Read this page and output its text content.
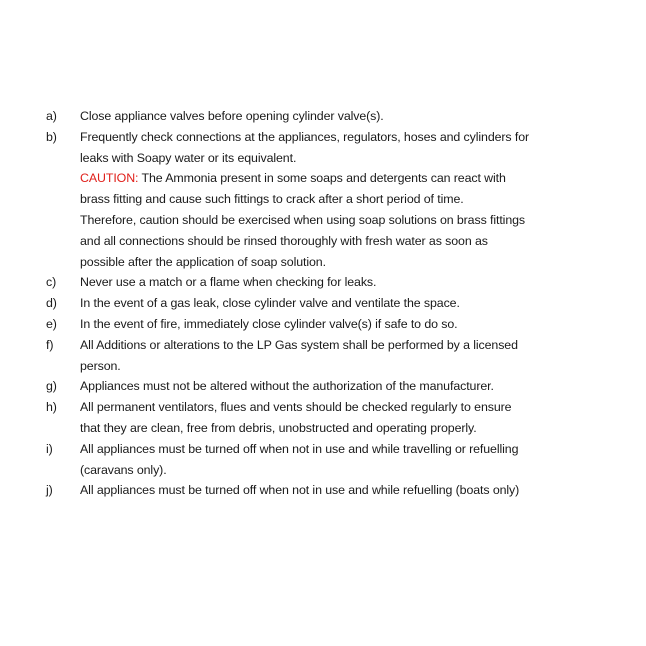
a)	Close appliance valves before opening cylinder valve(s).
b)	Frequently check connections at the appliances, regulators, hoses and cylinders for
leaks with Soapy water or its equivalent.
CAUTION: The Ammonia present in some soaps and detergents can react with
brass fitting and cause such fittings to crack after a short period of time.
Therefore, caution should be exercised when using soap solutions on brass fittings
and all connections should be rinsed thoroughly with fresh water as soon as
possible after the application of soap solution.
c)	Never use a match or a flame when checking for leaks.
d)	In the event of a gas leak, close cylinder valve and ventilate the space.
e)	In the event of fire, immediately close cylinder valve(s) if safe to do so.
f)	All Additions or alterations to the LP Gas system shall be performed by a licensed
person.
g)	Appliances must not be altered without the authorization of the manufacturer.
h)	All permanent ventilators, flues and vents should be checked regularly to ensure
that they are clean, free from debris, unobstructed and operating properly.
i)	All appliances must be turned off when not in use and while travelling or refuelling
(caravans only).
j)	All appliances must be turned off when not in use and while refuelling (boats only)
